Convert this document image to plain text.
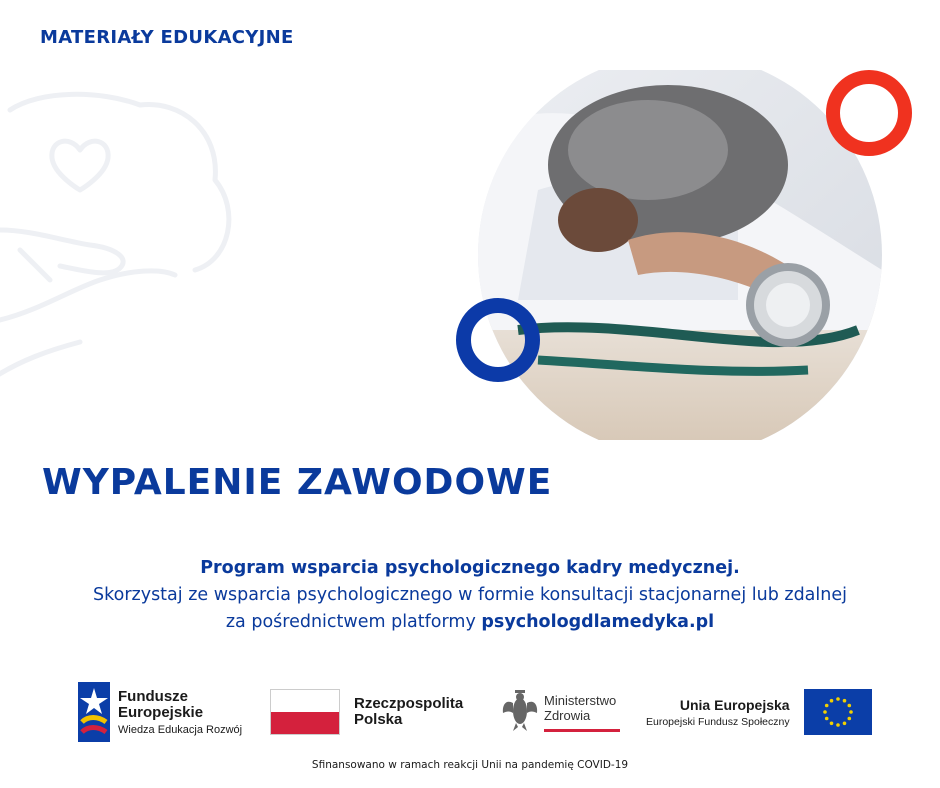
MATERIAŁY EDUKACYJNE
WYPALENIE ZAWODOWE
Program wsparcia psychologicznego kadry medycznej.
Skorzystaj ze wsparcia psychologicznego w formie konsultacji stacjonarnej lub zdalnej
za pośrednictwem platformy psychologdlamedyka.pl
Fundusze
Europejskie
Wiedza Edukacja Rozwój
Rzeczpospolita
Polska
Ministerstwo
Zdrowia
Unia Europejska
Europejski Fundusz Społeczny
Sfinansowano w ramach reakcji Unii na pandemię COVID-19
